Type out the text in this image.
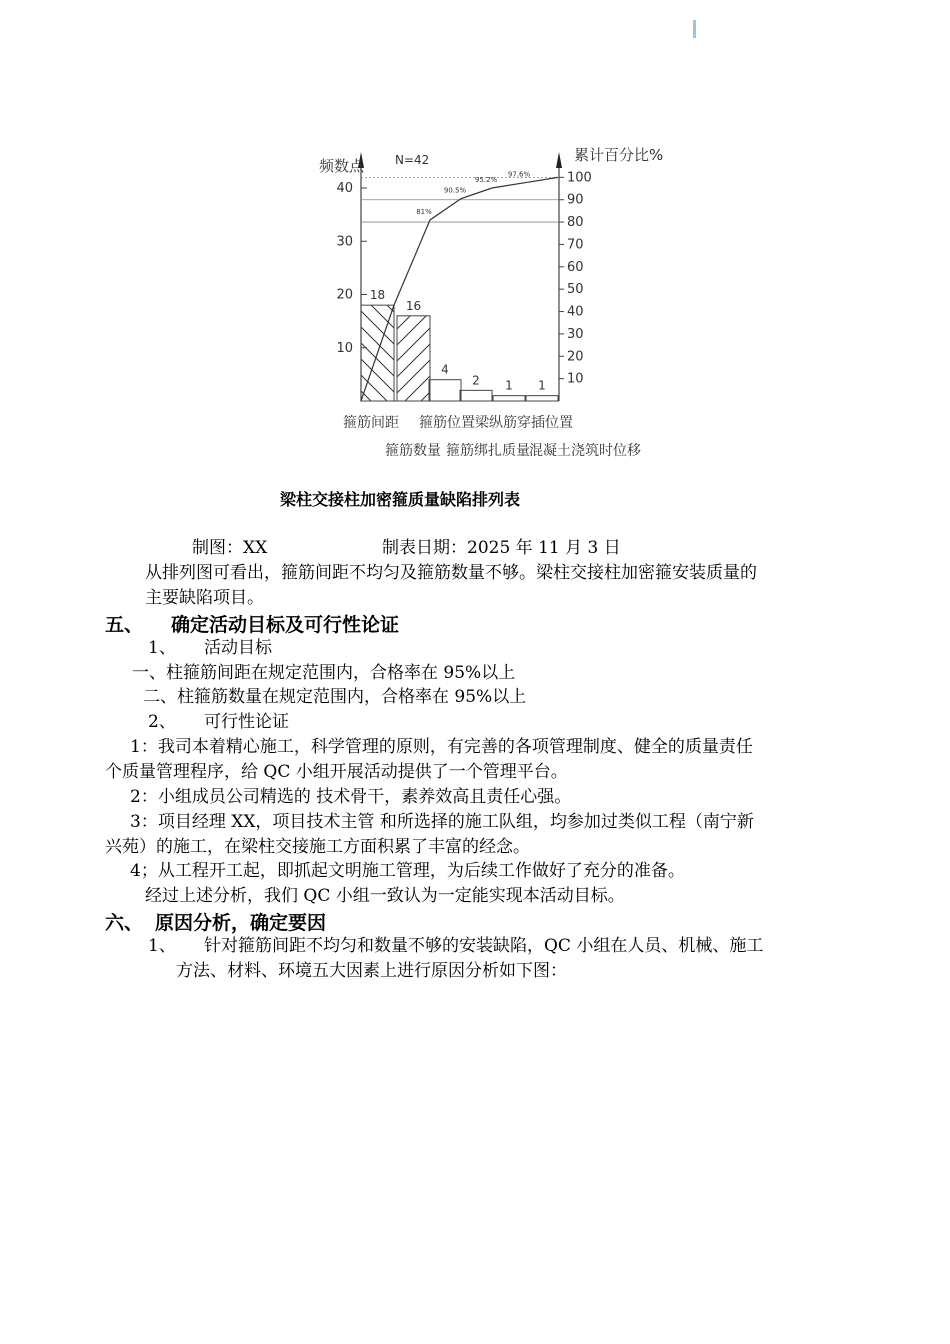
频数点
累计百分比%
N=42
10
20
30
40
10
20
30
40
50
60
70
80
90
100
18
16
4
2 1 1
81%
90.5%
95.2%
97.6%
箍筋间距 箍筋位置 梁纵筋穿插位置
箍筋数量 箍筋绑扎质量 混凝土浇筑时位移
梁柱交接柱加密箍质量缺陷排列表
制图：XX	制表日期：2025 年 11 月 3 日
从排列图可看出，箍筋间距不均匀及箍筋数量不够。梁柱交接柱加密箍安装质量的
主要缺陷项目。
五、 确定活动目标及可行性论证
1、 活动目标
一、柱箍筋间距在规定范围内，合格率在 95%以上
二、柱箍筋数量在规定范围内，合格率在 95%以上
2、 可行性论证
1：我司本着精心施工，科学管理的原则，有完善的各项管理制度、健全的质量责任
个质量管理程序，给 QC 小组开展活动提供了一个管理平台。
2：小组成员公司精选的 技术骨干，素养效高且责任心强。
3：项目经理 XX，项目技术主管 和所选择的施工队组，均参加过类似工程（南宁新
兴苑）的施工，在梁柱交接施工方面积累了丰富的经念。
4；从工程开工起，即抓起文明施工管理，为后续工作做好了充分的准备。
经过上述分析，我们 QC 小组一致认为一定能实现本活动目标。
六、 原因分析，确定要因
1、 针对箍筋间距不均匀和数量不够的安装缺陷，QC 小组在人员、机械、施工
方法、材料、环境五大因素上进行原因分析如下图：
